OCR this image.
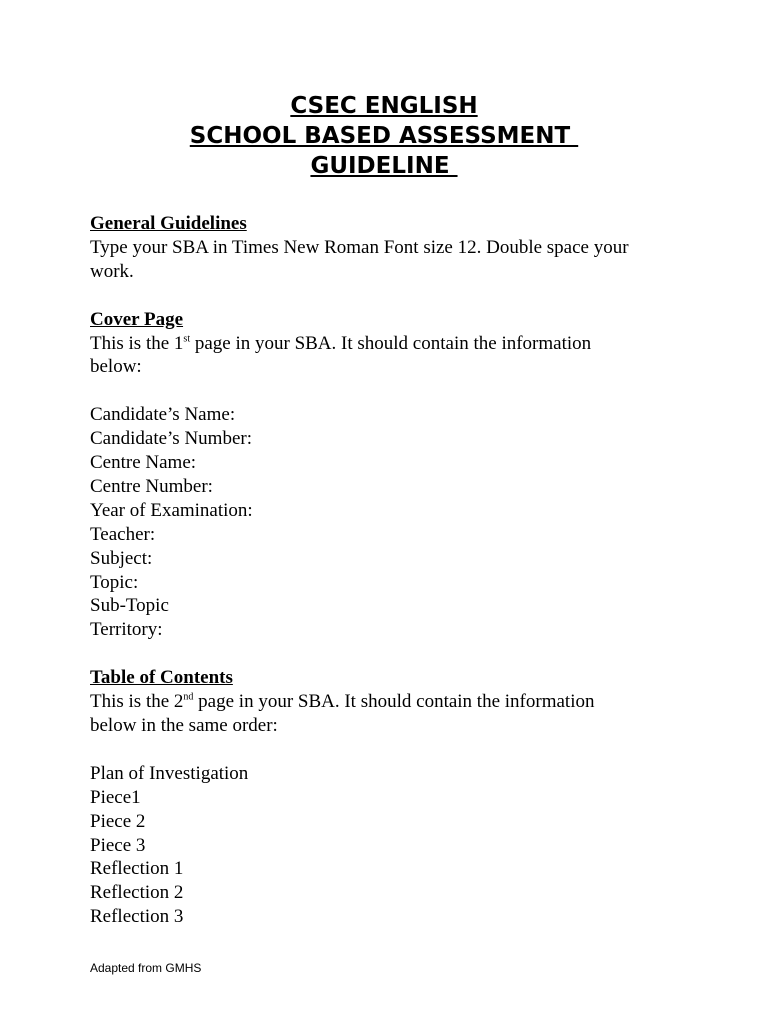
CSEC ENGLISH
SCHOOL BASED ASSESSMENT
GUIDELINE
General Guidelines
Type your SBA in Times New Roman Font size 12. Double space your
work.
Cover Page
This is the 1st page in your SBA. It should contain the information
below:
Candidate’s Name:
Candidate’s Number:
Centre Name:
Centre Number:
Year of Examination:
Teacher:
Subject:
Topic:
Sub-Topic
Territory:
Table of Contents
This is the 2nd page in your SBA. It should contain the information
below in the same order:
Plan of Investigation
Piece1
Piece 2
Piece 3
Reflection 1
Reflection 2
Reflection 3
Adapted from GMHS
